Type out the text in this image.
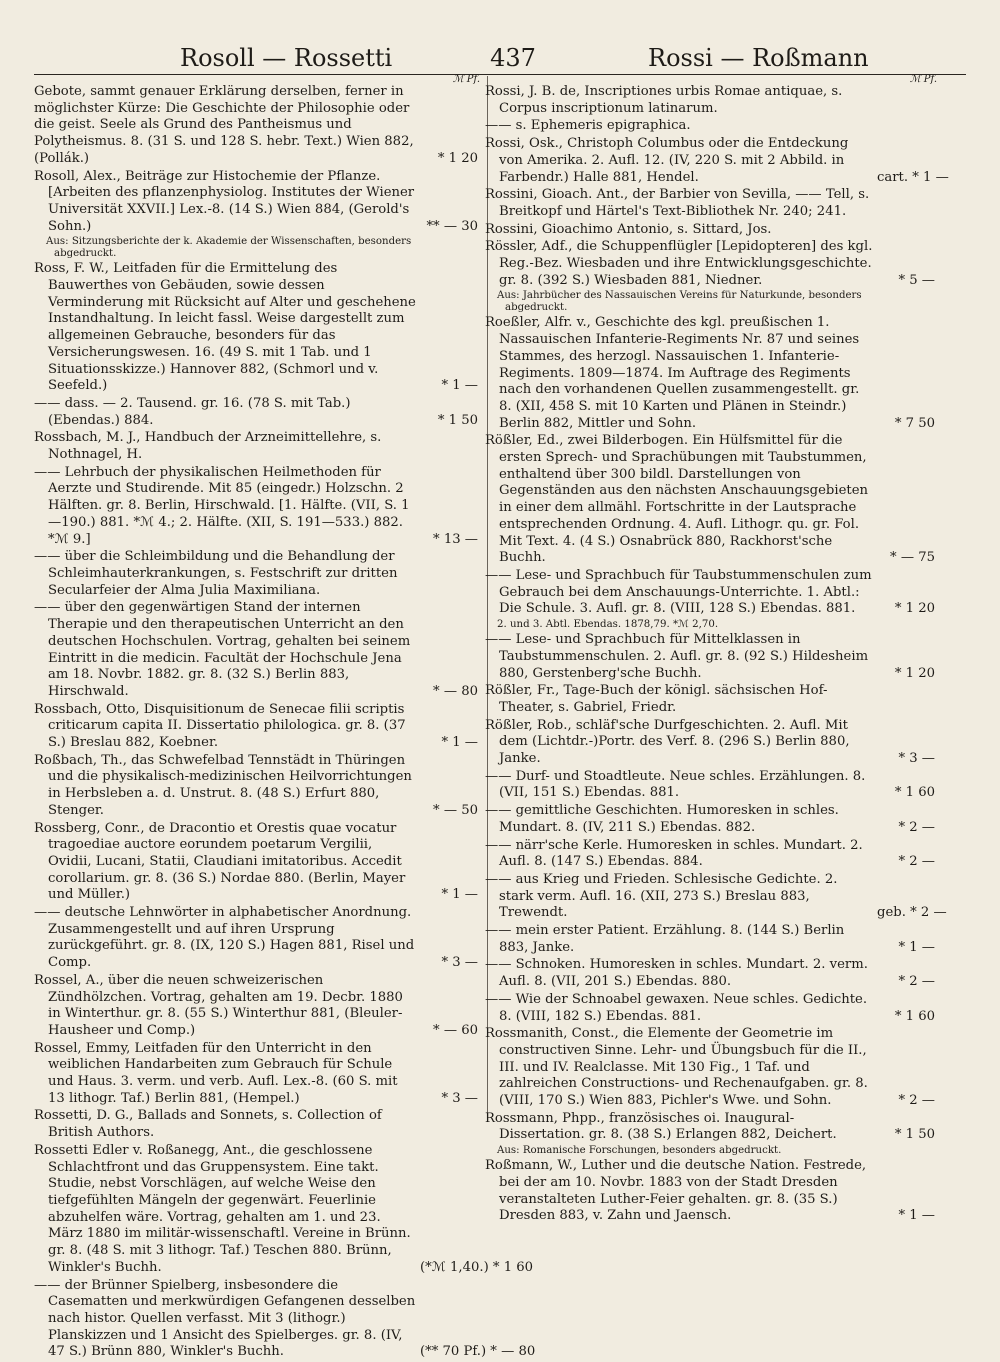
Rosoll — Rossetti	437	Rossi — Roßmann
ℳ Pf.
Gebote, sammt genauer Erklärung derselben, ferner in möglichster Kürze: Die Geschichte der Philosophie oder die geist. Seele als Grund des Pantheismus und Polytheismus. 8. (31 S. und 128 S. hebr. Text.) Wien 882, (Pollák.)	* 1 20
Rosoll, Alex., Beiträge zur Histochemie der Pflanze. [Arbeiten des pflanzenphysiolog. Institutes der Wiener Universität XXVII.] Lex.-8. (14 S.) Wien 884, (Gerold's Sohn.)	** — 30
Aus: Sitzungsberichte der k. Akademie der Wissenschaften, besonders abgedruckt.
Ross, F. W., Leitfaden für die Ermittelung des Bauwerthes von Gebäuden, sowie dessen Verminderung mit Rücksicht auf Alter und geschehene Instandhaltung. In leicht fassl. Weise dargestellt zum allgemeinen Gebrauche, besonders für das Versicherungswesen. 16. (49 S. mit 1 Tab. und 1 Situationsskizze.) Hannover 882, (Schmorl und v. Seefeld.)	* 1 —
—— dass. — 2. Tausend. gr. 16. (78 S. mit Tab.) (Ebendas.) 884.	* 1 50
Rossbach, M. J., Handbuch der Arzneimittellehre, s. Nothnagel, H.
—— Lehrbuch der physikalischen Heilmethoden für Aerzte und Studirende. Mit 85 (eingedr.) Holzschn. 2 Hälften. gr. 8. Berlin, Hirschwald. [1. Hälfte. (VII, S. 1—190.) 881. *ℳ 4.; 2. Hälfte. (XII, S. 191—533.) 882. *ℳ 9.]	* 13 —
—— über die Schleimbildung und die Behandlung der Schleimhauterkrankungen, s. Festschrift zur dritten Secularfeier der Alma Julia Maximiliana.
—— über den gegenwärtigen Stand der internen Therapie und den therapeutischen Unterricht an den deutschen Hochschulen. Vortrag, gehalten bei seinem Eintritt in die medicin. Facultät der Hochschule Jena am 18. Novbr. 1882. gr. 8. (32 S.) Berlin 883, Hirschwald.	* — 80
Rossbach, Otto, Disquisitionum de Senecae filii scriptis criticarum capita II. Dissertatio philologica. gr. 8. (37 S.) Breslau 882, Koebner.	* 1 —
Roßbach, Th., das Schwefelbad Tennstädt in Thüringen und die physikalisch-medizinischen Heilvorrichtungen in Herbsleben a. d. Unstrut. 8. (48 S.) Erfurt 880, Stenger.	* — 50
Rossberg, Conr., de Dracontio et Orestis quae vocatur tragoediae auctore eorundem poetarum Vergilii, Ovidii, Lucani, Statii, Claudiani imitatoribus. Accedit corollarium. gr. 8. (36 S.) Nordae 880. (Berlin, Mayer und Müller.)	* 1 —
—— deutsche Lehnwörter in alphabetischer Anordnung. Zusammengestellt und auf ihren Ursprung zurückgeführt. gr. 8. (IX, 120 S.) Hagen 881, Risel und Comp.	* 3 —
Rossel, A., über die neuen schweizerischen Zündhölzchen. Vortrag, gehalten am 19. Decbr. 1880 in Winterthur. gr. 8. (55 S.) Winterthur 881, (Bleuler-Hausheer und Comp.)	* — 60
Rossel, Emmy, Leitfaden für den Unterricht in den weiblichen Handarbeiten zum Gebrauch für Schule und Haus. 3. verm. und verb. Aufl. Lex.-8. (60 S. mit 13 lithogr. Taf.) Berlin 881, (Hempel.)	* 3 —
Rossetti, D. G., Ballads and Sonnets, s. Collection of British Authors.
Rossetti Edler v. Roßanegg, Ant., die geschlossene Schlachtfront und das Gruppensystem. Eine takt. Studie, nebst Vorschlägen, auf welche Weise den tiefgefühlten Mängeln der gegenwärt. Feuerlinie abzuhelfen wäre. Vortrag, gehalten am 1. und 23. März 1880 im militär-wissenschaftl. Vereine in Brünn. gr. 8. (48 S. mit 3 lithogr. Taf.) Teschen 880. Brünn, Winkler's Buchh.	(*ℳ 1,40.) * 1 60
—— der Brünner Spielberg, insbesondere die Casematten und merkwürdigen Gefangenen desselben nach histor. Quellen verfasst. Mit 3 (lithogr.) Planskizzen und 1 Ansicht des Spielberges. gr. 8. (IV, 47 S.) Brünn 880, Winkler's Buchh.	(** 70 Pf.) * — 80
ℳ Pf.
Rossi, J. B. de, Inscriptiones urbis Romae antiquae, s. Corpus inscriptionum latinarum.
—— s. Ephemeris epigraphica.
Rossi, Osk., Christoph Columbus oder die Entdeckung von Amerika. 2. Aufl. 12. (IV, 220 S. mit 2 Abbild. in Farbendr.) Halle 881, Hendel.	cart. * 1 —
Rossini, Gioach. Ant., der Barbier von Sevilla, —— Tell, s. Breitkopf und Härtel's Text-Bibliothek Nr. 240; 241.
Rossini, Gioachimo Antonio, s. Sittard, Jos.
Rössler, Adf., die Schuppenflügler [Lepidopteren] des kgl. Reg.-Bez. Wiesbaden und ihre Entwicklungsgeschichte. gr. 8. (392 S.) Wiesbaden 881, Niedner.	* 5 —
Aus: Jahrbücher des Nassauischen Vereins für Naturkunde, besonders abgedruckt.
Roeßler, Alfr. v., Geschichte des kgl. preußischen 1. Nassauischen Infanterie-Regiments Nr. 87 und seines Stammes, des herzogl. Nassauischen 1. Infanterie-Regiments. 1809—1874. Im Auftrage des Regiments nach den vorhandenen Quellen zusammengestellt. gr. 8. (XII, 458 S. mit 10 Karten und Plänen in Steindr.) Berlin 882, Mittler und Sohn.	* 7 50
Rößler, Ed., zwei Bilderbogen. Ein Hülfsmittel für die ersten Sprech- und Sprachübungen mit Taubstummen, enthaltend über 300 bildl. Darstellungen von Gegenständen aus den nächsten Anschauungsgebieten in einer dem allmähl. Fortschritte in der Lautsprache entsprechenden Ordnung. 4. Aufl. Lithogr. qu. gr. Fol. Mit Text. 4. (4 S.) Osnabrück 880, Rackhorst'sche Buchh.	* — 75
—— Lese- und Sprachbuch für Taubstummenschulen zum Gebrauch bei dem Anschauungs-Unterrichte. 1. Abtl.: Die Schule. 3. Aufl. gr. 8. (VIII, 128 S.) Ebendas. 881.	* 1 20
2. und 3. Abtl. Ebendas. 1878,79. *ℳ 2,70.
—— Lese- und Sprachbuch für Mittelklassen in Taubstummenschulen. 2. Aufl. gr. 8. (92 S.) Hildesheim 880, Gerstenberg'sche Buchh.	* 1 20
Rößler, Fr., Tage-Buch der königl. sächsischen Hof-Theater, s. Gabriel, Friedr.
Rößler, Rob., schläf'sche Durfgeschichten. 2. Aufl. Mit dem (Lichtdr.-)Portr. des Verf. 8. (296 S.) Berlin 880, Janke.	* 3 —
—— Durf- und Stoadtleute. Neue schles. Erzählungen. 8. (VII, 151 S.) Ebendas. 881.	* 1 60
—— gemittliche Geschichten. Humoresken in schles. Mundart. 8. (IV, 211 S.) Ebendas. 882.	* 2 —
—— närr'sche Kerle. Humoresken in schles. Mundart. 2. Aufl. 8. (147 S.) Ebendas. 884.	* 2 —
—— aus Krieg und Frieden. Schlesische Gedichte. 2. stark verm. Aufl. 16. (XII, 273 S.) Breslau 883, Trewendt.	geb. * 2 —
—— mein erster Patient. Erzählung. 8. (144 S.) Berlin 883, Janke.	* 1 —
—— Schnoken. Humoresken in schles. Mundart. 2. verm. Aufl. 8. (VII, 201 S.) Ebendas. 880.	* 2 —
—— Wie der Schnoabel gewaxen. Neue schles. Gedichte. 8. (VIII, 182 S.) Ebendas. 881.	* 1 60
Rossmanith, Const., die Elemente der Geometrie im constructiven Sinne. Lehr- und Übungsbuch für die II., III. und IV. Realclasse. Mit 130 Fig., 1 Taf. und zahlreichen Constructions- und Rechenaufgaben. gr. 8. (VIII, 170 S.) Wien 883, Pichler's Wwe. und Sohn.	* 2 —
Rossmann, Phpp., französisches oi. Inaugural-Dissertation. gr. 8. (38 S.) Erlangen 882, Deichert.	* 1 50
Aus: Romanische Forschungen, besonders abgedruckt.
Roßmann, W., Luther und die deutsche Nation. Festrede, bei der am 10. Novbr. 1883 von der Stadt Dresden veranstalteten Luther-Feier gehalten. gr. 8. (35 S.) Dresden 883, v. Zahn und Jaensch.	* 1 —
